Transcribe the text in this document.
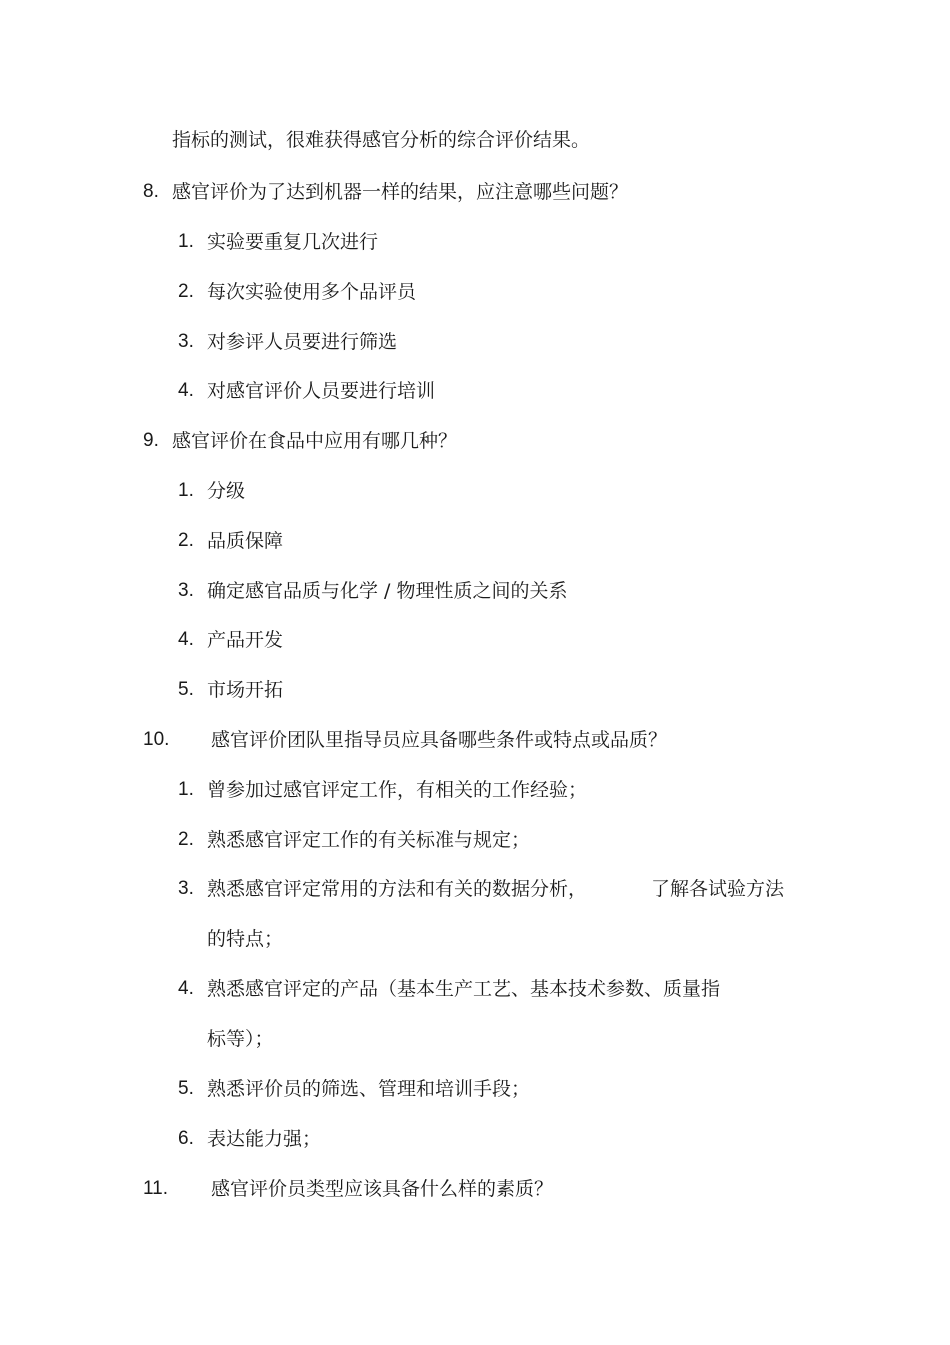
指标的测试，很难获得感官分析的综合评价结果。
8. 感官评价为了达到机器一样的结果，应注意哪些问题？
1. 实验要重复几次进行
2. 每次实验使用多个品评员
3. 对参评人员要进行筛选
4. 对感官评价人员要进行培训
9. 感官评价在食品中应用有哪几种？
1. 分级
2. 品质保障
3. 确定感官品质与化学 / 物理性质之间的关系
4. 产品开发
5. 市场开拓
10. 感官评价团队里指导员应具备哪些条件或特点或品质？
1. 曾参加过感官评定工作，有相关的工作经验；
2. 熟悉感官评定工作的有关标准与规定；
3. 熟悉感官评定常用的方法和有关的数据分析，	了解各试验方法
的特点；
4. 熟悉感官评定的产品（基本生产工艺、基本技术参数、质量指
标等）；
5. 熟悉评价员的筛选、管理和培训手段；
6. 表达能力强；
11. 感官评价员类型应该具备什么样的素质？
